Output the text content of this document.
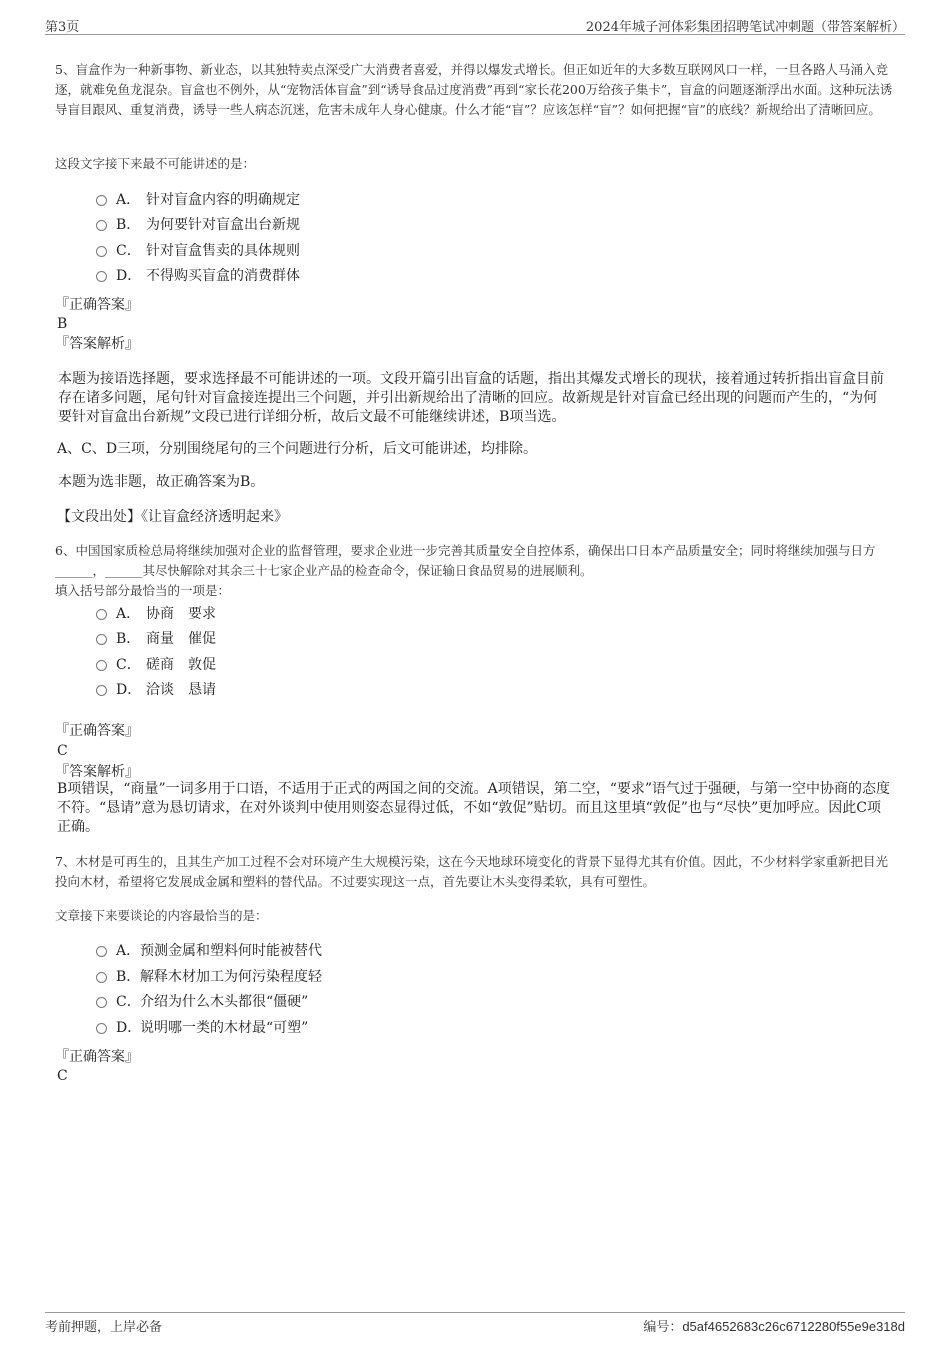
第3页	2024年城子河体彩集团招聘笔试冲刺题（带答案解析）
5、盲盒作为一种新事物、新业态，以其独特卖点深受广大消费者喜爱，并得以爆发式增长。但正如近年的大多数互联网风口一样，一旦各路人马涌入竞逐，就难免鱼龙混杂。盲盒也不例外，从“宠物活体盲盒”到“诱导食品过度消费”再到“家长花200万给孩子集卡”，盲盒的问题逐渐浮出水面。这种玩法诱导盲目跟风、重复消费，诱导一些人病态沉迷，危害未成年人身心健康。什么才能“盲”？应该怎样“盲”？如何把握“盲”的底线？新规给出了清晰回应。
这段文字接下来最不可能讲述的是：
A． 针对盲盒内容的明确规定
B． 为何要针对盲盒出台新规
C． 针对盲盒售卖的具体规则
D． 不得购买盲盒的消费群体
『正确答案』
B
『答案解析』
本题为接语选择题，要求选择最不可能讲述的一项。文段开篇引出盲盒的话题，指出其爆发式增长的现状，接着通过转折指出盲盒目前存在诸多问题，尾句针对盲盒接连提出三个问题，并引出新规给出了清晰的回应。故新规是针对盲盒已经出现的问题而产生的，“为何要针对盲盒出台新规”文段已进行详细分析，故后文最不可能继续讲述，B项当选。
A、C、D三项，分别围绕尾句的三个问题进行分析，后文可能讲述，均排除。
本题为选非题，故正确答案为B。
【文段出处】《让盲盒经济透明起来》
6、中国国家质检总局将继续加强对企业的监督管理，要求企业进一步完善其质量安全自控体系，确保出口日本产品质量安全；同时将继续加强与日方______，______其尽快解除对其余三十七家企业产品的检查命令，保证输日食品贸易的进展顺利。
填入括号部分最恰当的一项是：
A． 协商 要求
B． 商量 催促
C． 磋商 敦促
D． 洽谈 恳请
『正确答案』
C
『答案解析』
B项错误，“商量”一词多用于口语，不适用于正式的两国之间的交流。A项错误，第二空，“要求”语气过于强硬，与第一空中协商的态度不符。“恳请”意为恳切请求，在对外谈判中使用则姿态显得过低，不如“敦促”贴切。而且这里填“敦促”也与“尽快”更加呼应。因此C项正确。
7、木材是可再生的，且其生产加工过程不会对环境产生大规模污染，这在今天地球环境变化的背景下显得尤其有价值。因此，不少材料学家重新把目光投向木材，希望将它发展成金属和塑料的替代品。不过要实现这一点，首先要让木头变得柔软，具有可塑性。
文章接下来要谈论的内容最恰当的是：
A．预测金属和塑料何时能被替代
B．解释木材加工为何污染程度轻
C．介绍为什么木头都很“僵硬”
D．说明哪一类的木材最“可塑”
『正确答案』
C
考前押题，上岸必备	编号：d5af4652683c26c6712280f55e9e318d
